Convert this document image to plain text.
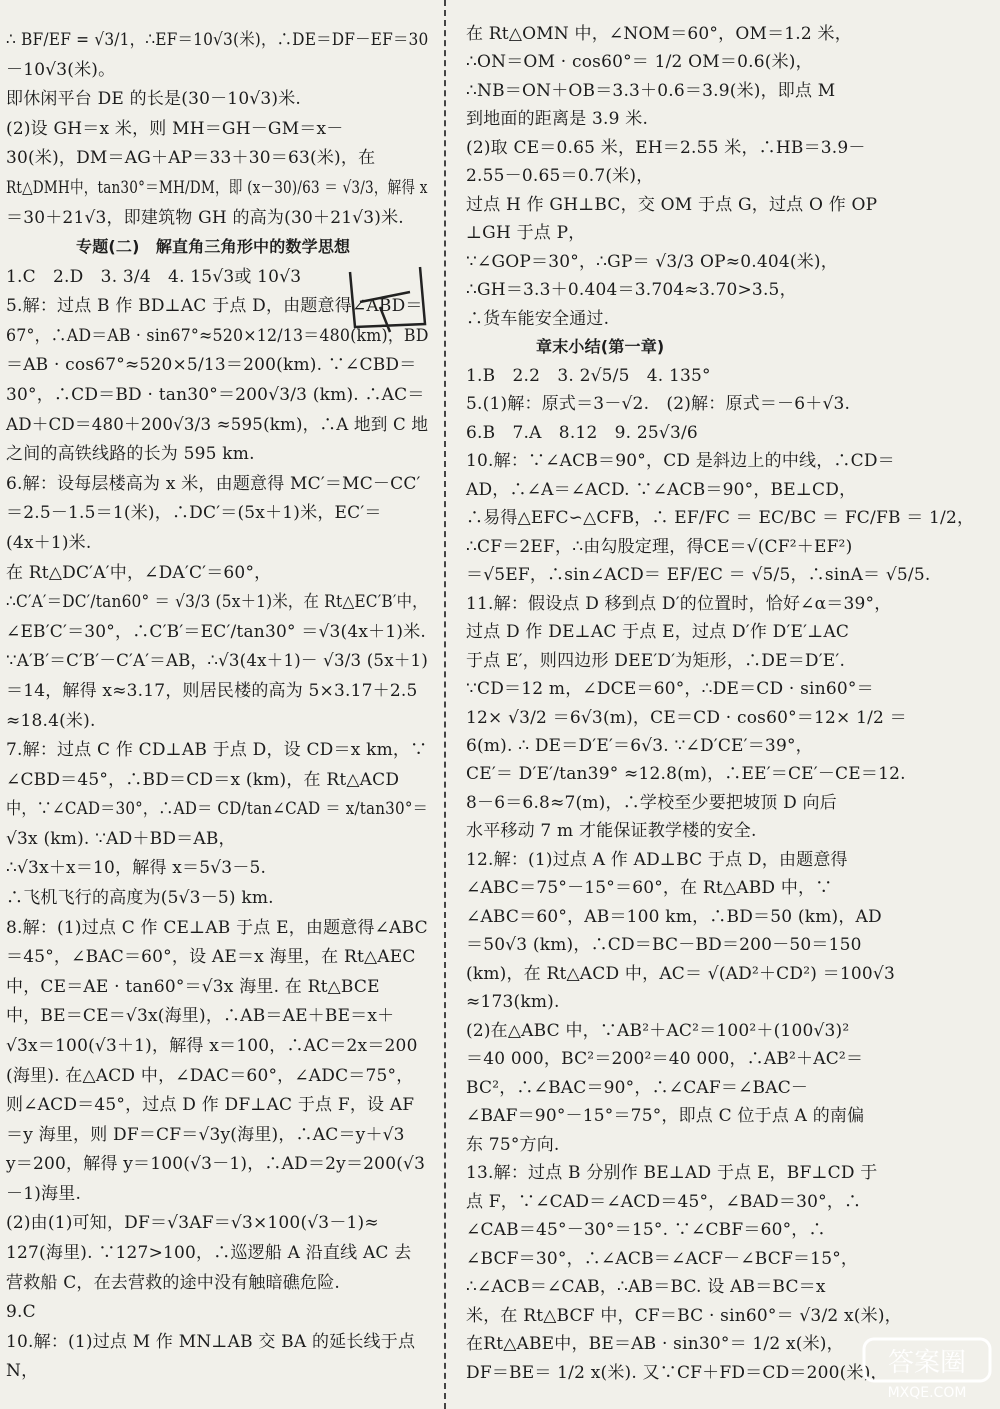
∴ BF/EF = √3/1，∴EF＝10√3(米)，∴DE＝DF－EF＝30
－10√3(米)。
即休闲平台 DE 的长是(30－10√3)米.
(2)设 GH＝x 米，则 MH＝GH－GM＝x－
30(米)，DM＝AG＋AP＝33＋30＝63(米)，在
Rt△DMH中，tan30°＝MH/DM，即 (x－30)/63 ＝ √3/3，解得 x
＝30＋21√3，即建筑物 GH 的高为(30＋21√3)米.
专题(二)　解直角三角形中的数学思想
1.C　2.D　3. 3/4　4. 15√3或 10√3
5.解：过点 B 作 BD⊥AC 于点 D，由题意得∠ABD＝
67°，∴AD＝AB · sin67°≈520×12/13＝480(km)，BD
＝AB · cos67°≈520×5/13＝200(km). ∵∠CBD＝
30°，∴CD＝BD · tan30°＝200√3/3 (km). ∴AC＝
AD＋CD＝480＋200√3/3 ≈595(km)，∴A 地到 C 地
之间的高铁线路的长为 595 km.
6.解：设每层楼高为 x 米，由题意得 MC′＝MC－CC′
＝2.5－1.5＝1(米)，∴DC′＝(5x＋1)米，EC′＝
(4x＋1)米.
在 Rt△DC′A′中，∠DA′C′＝60°，
∴C′A′＝DC′/tan60° ＝ √3/3 (5x＋1)米，在 Rt△EC′B′中，
∠EB′C′＝30°，∴C′B′＝EC′/tan30° ＝√3(4x＋1)米.
∵A′B′＝C′B′－C′A′＝AB，∴√3(4x＋1)－ √3/3 (5x＋1)
＝14，解得 x≈3.17，则居民楼的高为 5×3.17＋2.5
≈18.4(米).
7.解：过点 C 作 CD⊥AB 于点 D，设 CD＝x km，∵
∠CBD＝45°，∴BD＝CD＝x (km)，在 Rt△ACD
中，∵∠CAD＝30°，∴AD＝ CD/tan∠CAD ＝ x/tan30°＝
√3x (km). ∵AD＋BD＝AB，
∴√3x＋x＝10，解得 x＝5√3－5.
∴飞机飞行的高度为(5√3－5) km.
8.解：(1)过点 C 作 CE⊥AB 于点 E，由题意得∠ABC
＝45°，∠BAC＝60°，设 AE＝x 海里，在 Rt△AEC
中，CE＝AE · tan60°＝√3x 海里. 在 Rt△BCE
中，BE＝CE＝√3x(海里)，∴AB＝AE＋BE＝x＋
√3x＝100(√3＋1)，解得 x＝100，∴AC＝2x＝200
(海里). 在△ACD 中，∠DAC＝60°，∠ADC＝75°，
则∠ACD＝45°，过点 D 作 DF⊥AC 于点 F，设 AF
＝y 海里，则 DF＝CF＝√3y(海里)，∴AC＝y＋√3
y＝200，解得 y＝100(√3－1)，∴AD＝2y＝200(√3
－1)海里.
(2)由(1)可知，DF＝√3AF＝√3×100(√3－1)≈
127(海里). ∵127>100，∴巡逻船 A 沿直线 AC 去
营救船 C，在去营救的途中没有触暗礁危险.
9.C
10.解：(1)过点 M 作 MN⊥AB 交 BA 的延长线于点
N，
在 Rt△OMN 中，∠NOM＝60°，OM＝1.2 米，
∴ON＝OM · cos60°＝ 1/2 OM＝0.6(米)，
∴NB＝ON＋OB＝3.3＋0.6＝3.9(米)，即点 M
到地面的距离是 3.9 米.
(2)取 CE＝0.65 米，EH＝2.55 米，∴HB＝3.9－
2.55－0.65＝0.7(米)，
过点 H 作 GH⊥BC，交 OM 于点 G，过点 O 作 OP
⊥GH 于点 P，
∵∠GOP＝30°，∴GP＝ √3/3 OP≈0.404(米)，
∴GH＝3.3＋0.404＝3.704≈3.70>3.5，
∴货车能安全通过.
章末小结(第一章)
1.B　2.2　3. 2√5/5　4. 135°
5.(1)解：原式＝3－√2.　(2)解：原式＝－6＋√3.
6.B　7.A　8.12　9. 25√3/6
10.解：∵∠ACB＝90°，CD 是斜边上的中线，∴CD＝
AD，∴∠A＝∠ACD. ∵∠ACB＝90°，BE⊥CD，
∴易得△EFC∽△CFB，∴ EF/FC ＝ EC/BC ＝ FC/FB ＝ 1/2，
∴CF＝2EF，∴由勾股定理，得CE＝√(CF²＋EF²)
＝√5EF，∴sin∠ACD＝ EF/EC ＝ √5/5，∴sinA＝ √5/5.
11.解：假设点 D 移到点 D′的位置时，恰好∠α＝39°，
过点 D 作 DE⊥AC 于点 E，过点 D′作 D′E′⊥AC
于点 E′，则四边形 DEE′D′为矩形，∴DE＝D′E′.
∵CD＝12 m，∠DCE＝60°，∴DE＝CD · sin60°＝
12× √3/2 ＝6√3(m)，CE＝CD · cos60°＝12× 1/2 ＝
6(m). ∴ DE＝D′E′＝6√3. ∵∠D′CE′＝39°，
CE′＝ D′E′/tan39° ≈12.8(m)，∴EE′＝CE′－CE＝12.
8－6＝6.8≈7(m)，∴学校至少要把坡顶 D 向后
水平移动 7 m 才能保证教学楼的安全.
12.解：(1)过点 A 作 AD⊥BC 于点 D，由题意得
∠ABC＝75°－15°＝60°，在 Rt△ABD 中，∵
∠ABC＝60°，AB＝100 km，∴BD＝50 (km)，AD
＝50√3 (km)，∴CD＝BC－BD＝200－50＝150
(km)，在 Rt△ACD 中，AC＝ √(AD²＋CD²) ＝100√3
≈173(km).
(2)在△ABC 中，∵AB²＋AC²＝100²＋(100√3)²
＝40 000，BC²＝200²＝40 000，∴AB²＋AC²＝
BC²，∴∠BAC＝90°，∴∠CAF＝∠BAC－
∠BAF＝90°－15°＝75°，即点 C 位于点 A 的南偏
东 75°方向.
13.解：过点 B 分别作 BE⊥AD 于点 E，BF⊥CD 于
点 F，∵∠CAD＝∠ACD＝45°，∠BAD＝30°，∴
∠CAB＝45°－30°＝15°. ∵∠CBF＝60°，∴
∠BCF＝30°，∴∠ACB＝∠ACF－∠BCF＝15°，
∴∠ACB＝∠CAB，∴AB＝BC. 设 AB＝BC＝x
米，在 Rt△BCF 中，CF＝BC · sin60°＝ √3/2 x(米)，
在Rt△ABE中，BE＝AB · sin30°＝ 1/2 x(米)，
DF＝BE＝ 1/2 x(米). 又∵CF＋FD＝CD＝200(米)， 答案圈
MXQE.COM
